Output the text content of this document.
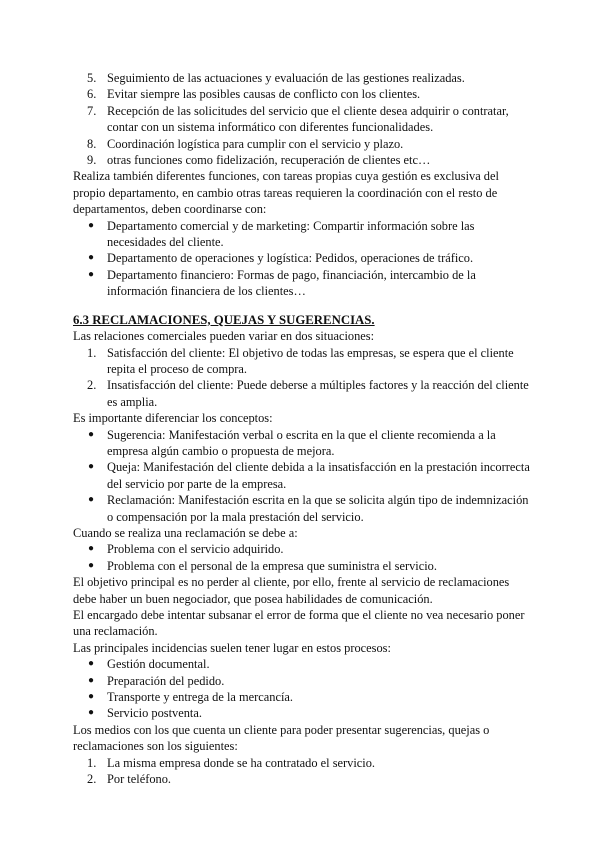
5. Seguimiento de las actuaciones y evaluación de las gestiones realizadas.
6. Evitar siempre las posibles causas de conflicto con los clientes.
7. Recepción de las solicitudes del servicio que el cliente desea adquirir o contratar, contar con un sistema informático con diferentes funcionalidades.
8. Coordinación logística para cumplir con el servicio y plazo.
9. otras funciones como fidelización, recuperación de clientes etc…

Realiza también diferentes funciones, con tareas propias cuya gestión es exclusiva del propio departamento, en cambio otras tareas requieren la coordinación con el resto de departamentos, deben coordinarse con:

● Departamento comercial y de marketing: Compartir información sobre las necesidades del cliente.
● Departamento de operaciones y logística: Pedidos, operaciones de tráfico.
● Departamento financiero: Formas de pago, financiación, intercambio de la información financiera de los clientes…
6.3 RECLAMACIONES, QUEJAS Y SUGERENCIAS.

Las relaciones comerciales pueden variar en dos situaciones:

1. Satisfacción del cliente: El objetivo de todas las empresas, se espera que el cliente repita el proceso de compra.
2. Insatisfacción del cliente: Puede deberse a múltiples factores y la reacción del cliente es amplia.

Es importante diferenciar los conceptos:

● Sugerencia: Manifestación verbal o escrita en la que el cliente recomienda a la empresa algún cambio o propuesta de mejora.
● Queja: Manifestación del cliente debida a la insatisfacción en la prestación incorrecta del servicio por parte de la empresa.
● Reclamación: Manifestación escrita en la que se solicita algún tipo de indemnización o compensación por la mala prestación del servicio.

Cuando se realiza una reclamación se debe a:

● Problema con el servicio adquirido.
● Problema con el personal de la empresa que suministra el servicio.

El objetivo principal es no perder al cliente, por ello, frente al servicio de reclamaciones debe haber un buen negociador, que posea habilidades de comunicación.

El encargado debe intentar subsanar el error de forma que el cliente no vea necesario poner una reclamación.

Las principales incidencias suelen tener lugar en estos procesos:

● Gestión documental.
● Preparación del pedido.
● Transporte y entrega de la mercancía.
● Servicio postventa.

Los medios con los que cuenta un cliente para poder presentar sugerencias, quejas o reclamaciones son los siguientes:

1. La misma empresa donde se ha contratado el servicio.
2. Por teléfono.
